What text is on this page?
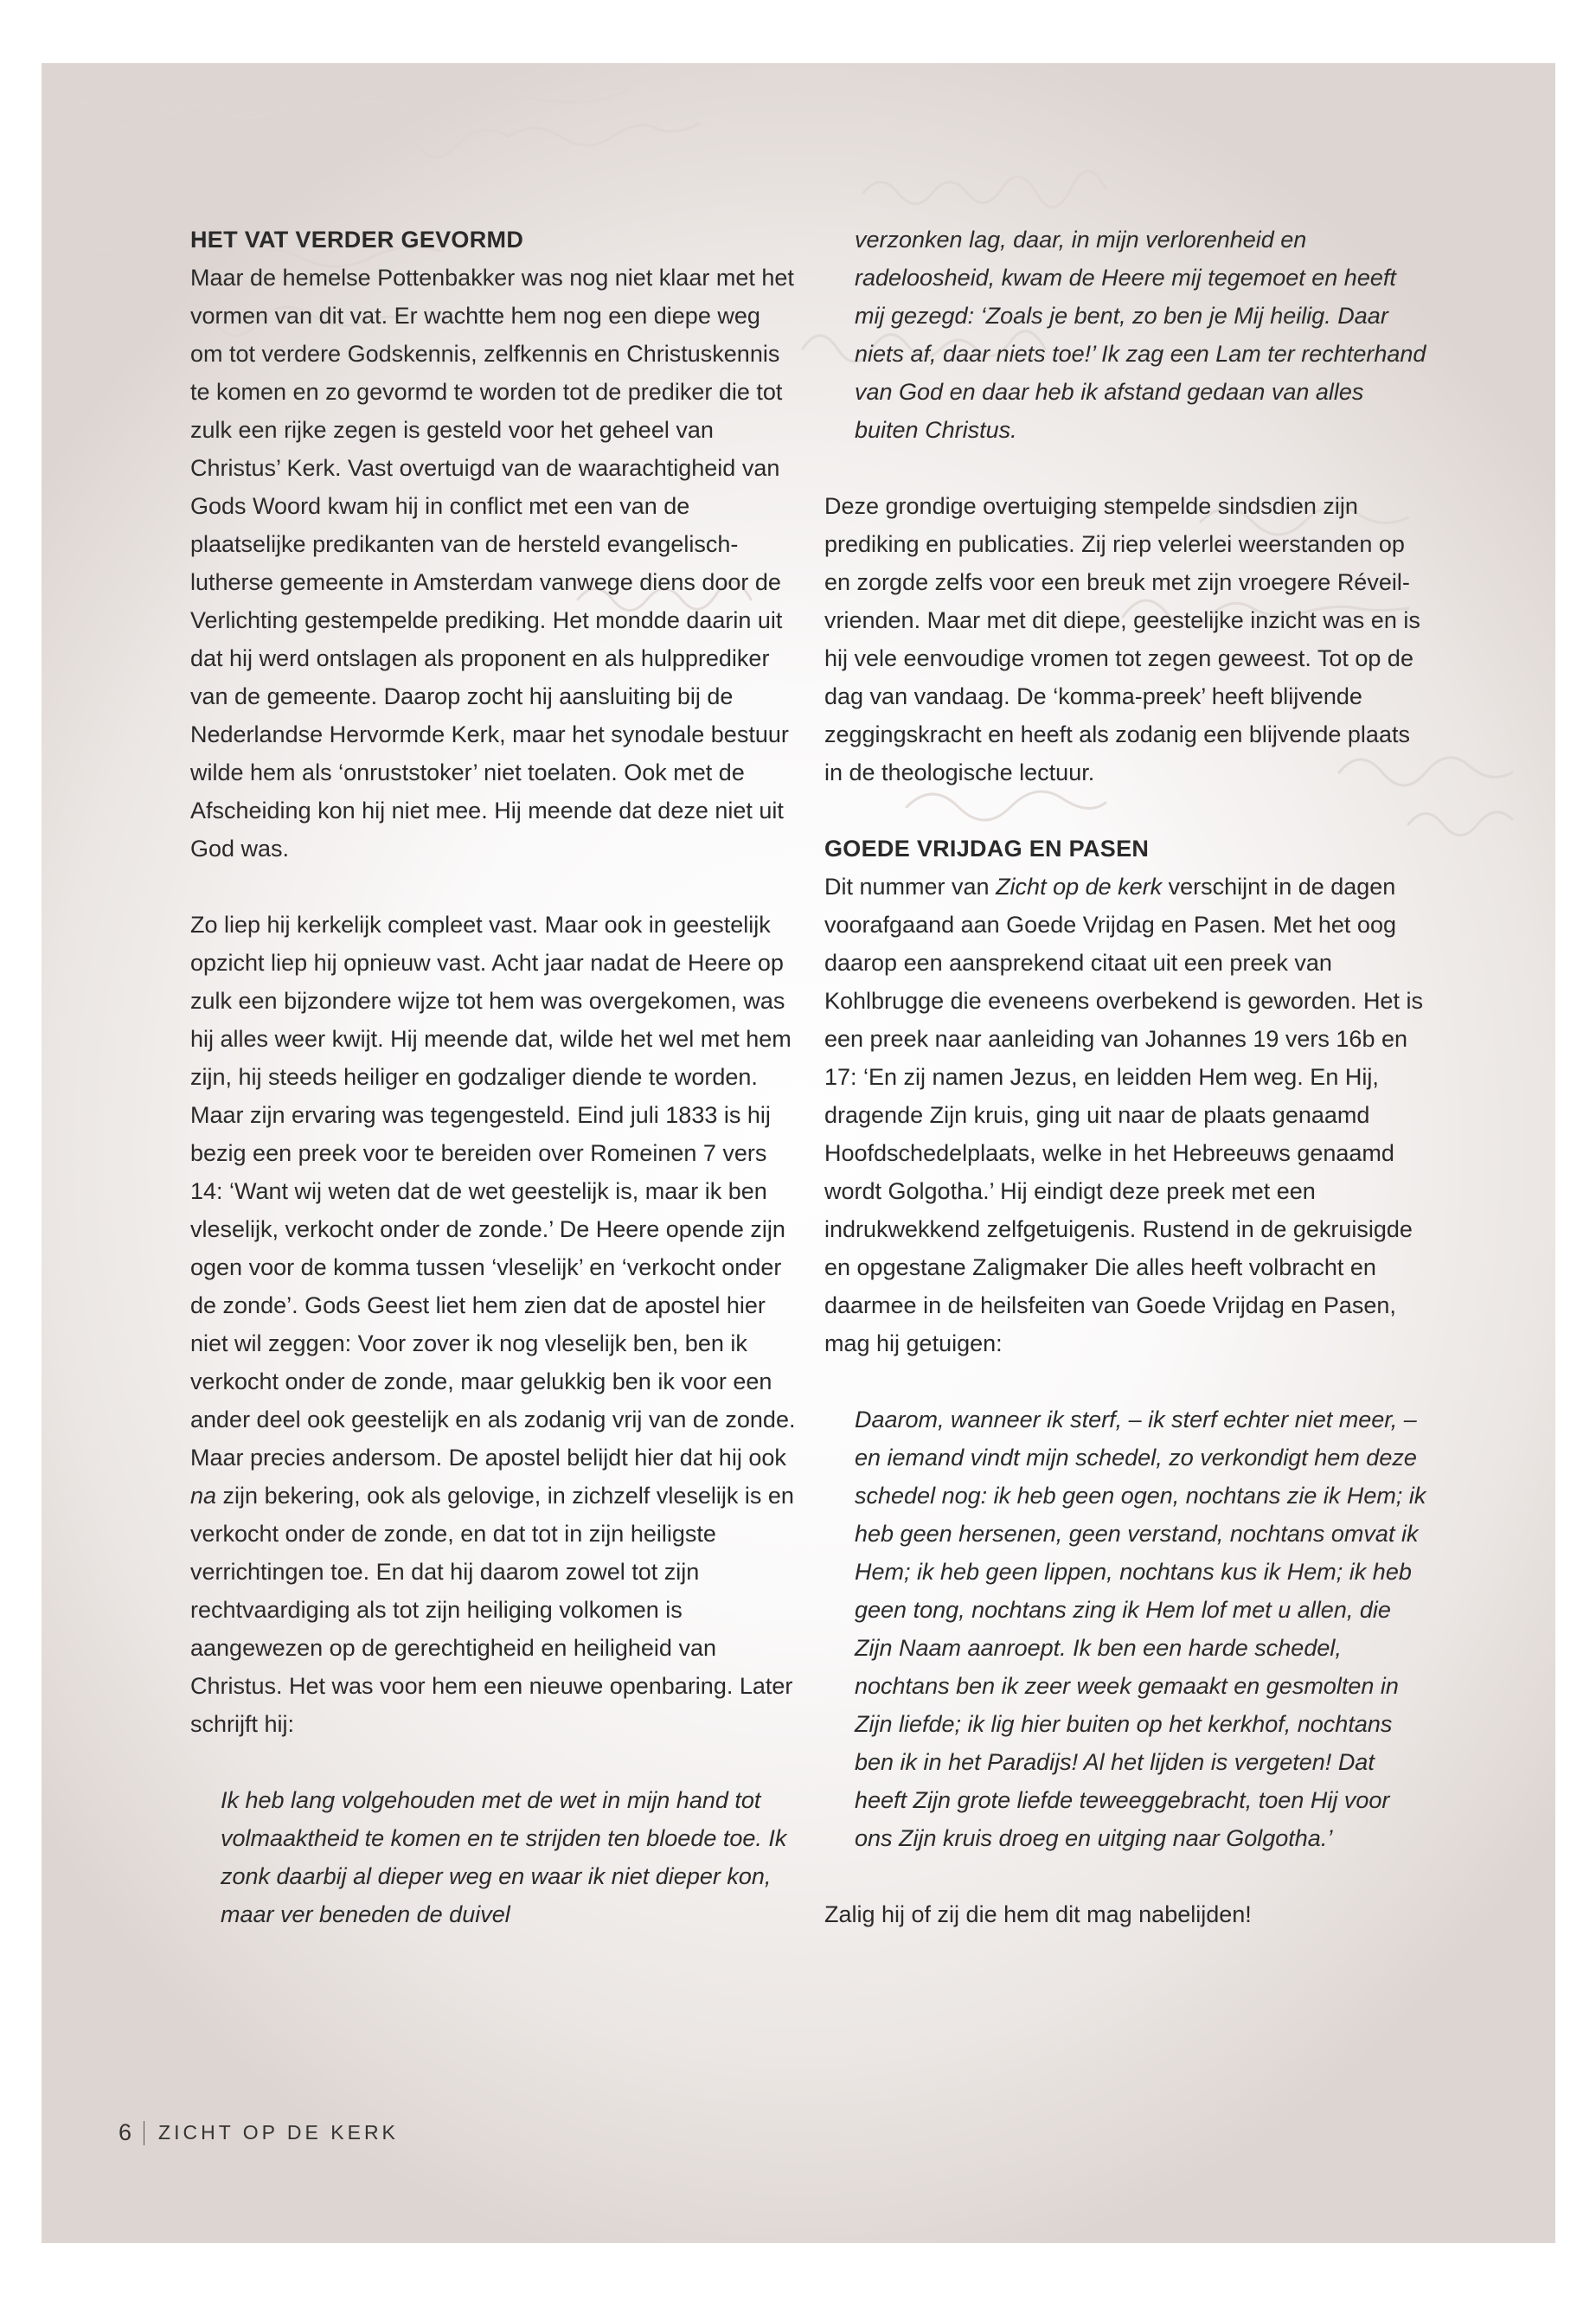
HET VAT VERDER GEVORMD

Maar de hemelse Pottenbakker was nog niet klaar met het vormen van dit vat. Er wachtte hem nog een diepe weg om tot verdere Godskennis, zelfkennis en Christuskennis te komen en zo gevormd te worden tot de prediker die tot zulk een rijke zegen is gesteld voor het geheel van Christus’ Kerk. Vast overtuigd van de waarachtigheid van Gods Woord kwam hij in conflict met een van de plaatselijke predikanten van de hersteld evangelisch-lutherse gemeente in Amsterdam vanwege diens door de Verlichting gestempelde prediking. Het mondde daarin uit dat hij werd ontslagen als proponent en als hulpprediker van de gemeente. Daarop zocht hij aansluiting bij de Nederlandse Hervormde Kerk, maar het synodale bestuur wilde hem als ‘onruststoker’ niet toelaten. Ook met de Afscheiding kon hij niet mee. Hij meende dat deze niet uit God was.

Zo liep hij kerkelijk compleet vast. Maar ook in geestelijk opzicht liep hij opnieuw vast. Acht jaar nadat de Heere op zulk een bijzondere wijze tot hem was overgekomen, was hij alles weer kwijt. Hij meende dat, wilde het wel met hem zijn, hij steeds heiliger en godzaliger diende te worden. Maar zijn ervaring was tegengesteld. Eind juli 1833 is hij bezig een preek voor te bereiden over Romeinen 7 vers 14: ‘Want wij weten dat de wet geestelijk is, maar ik ben vleselijk, verkocht onder de zonde.’ De Heere opende zijn ogen voor de komma tussen ‘vleselijk’ en ‘verkocht onder de zonde’. Gods Geest liet hem zien dat de apostel hier niet wil zeggen: Voor zover ik nog vleselijk ben, ben ik verkocht onder de zonde, maar gelukkig ben ik voor een ander deel ook geestelijk en als zodanig vrij van de zonde. Maar precies andersom. De apostel belijdt hier dat hij ook na zijn bekering, ook als gelovige, in zichzelf vleselijk is en verkocht onder de zonde, en dat tot in zijn heiligste verrichtingen toe. En dat hij daarom zowel tot zijn rechtvaardiging als tot zijn heiliging volkomen is aangewezen op de gerechtigheid en heiligheid van Christus. Het was voor hem een nieuwe openbaring. Later schrijft hij:

Ik heb lang volgehouden met de wet in mijn hand tot volmaaktheid te komen en te strijden ten bloede toe. Ik zonk daarbij al dieper weg en waar ik niet dieper kon, maar ver beneden de duivel

verzonken lag, daar, in mijn verlorenheid en radeloosheid, kwam de Heere mij tegemoet en heeft mij gezegd: ‘Zoals je bent, zo ben je Mij heilig. Daar niets af, daar niets toe!’ Ik zag een Lam ter rechterhand van God en daar heb ik afstand gedaan van alles buiten Christus.

Deze grondige overtuiging stempelde sindsdien zijn prediking en publicaties. Zij riep velerlei weerstanden op en zorgde zelfs voor een breuk met zijn vroegere Réveil-vrienden. Maar met dit diepe, geestelijke inzicht was en is hij vele eenvoudige vromen tot zegen geweest. Tot op de dag van vandaag. De ‘komma-preek’ heeft blijvende zeggingskracht en heeft als zodanig een blijvende plaats in de theologische lectuur.

GOEDE VRIJDAG EN PASEN

Dit nummer van Zicht op de kerk verschijnt in de dagen voorafgaand aan Goede Vrijdag en Pasen. Met het oog daarop een aansprekend citaat uit een preek van Kohlbrugge die eveneens overbekend is geworden. Het is een preek naar aanleiding van Johannes 19 vers 16b en 17: ‘En zij namen Jezus, en leidden Hem weg. En Hij, dragende Zijn kruis, ging uit naar de plaats genaamd Hoofdschedelplaats, welke in het Hebreeuws genaamd wordt Golgotha.’ Hij eindigt deze preek met een indrukwekkend zelfgetuigenis. Rustend in de gekruisigde en opgestane Zaligmaker Die alles heeft volbracht en daarmee in de heilsfeiten van Goede Vrijdag en Pasen, mag hij getuigen:

Daarom, wanneer ik sterf, – ik sterf echter niet meer, – en iemand vindt mijn schedel, zo verkondigt hem deze schedel nog: ik heb geen ogen, nochtans zie ik Hem; ik heb geen hersenen, geen verstand, nochtans omvat ik Hem; ik heb geen lippen, nochtans kus ik Hem; ik heb geen tong, nochtans zing ik Hem lof met u allen, die Zijn Naam aanroept. Ik ben een harde schedel, nochtans ben ik zeer week gemaakt en gesmolten in Zijn liefde; ik lig hier buiten op het kerkhof, nochtans ben ik in het Paradijs! Al het lijden is vergeten! Dat heeft Zijn grote liefde teweeggebracht, toen Hij voor ons Zijn kruis droeg en uitging naar Golgotha.’

Zalig hij of zij die hem dit mag nabelijden!

6 ZICHT OP DE KERK
